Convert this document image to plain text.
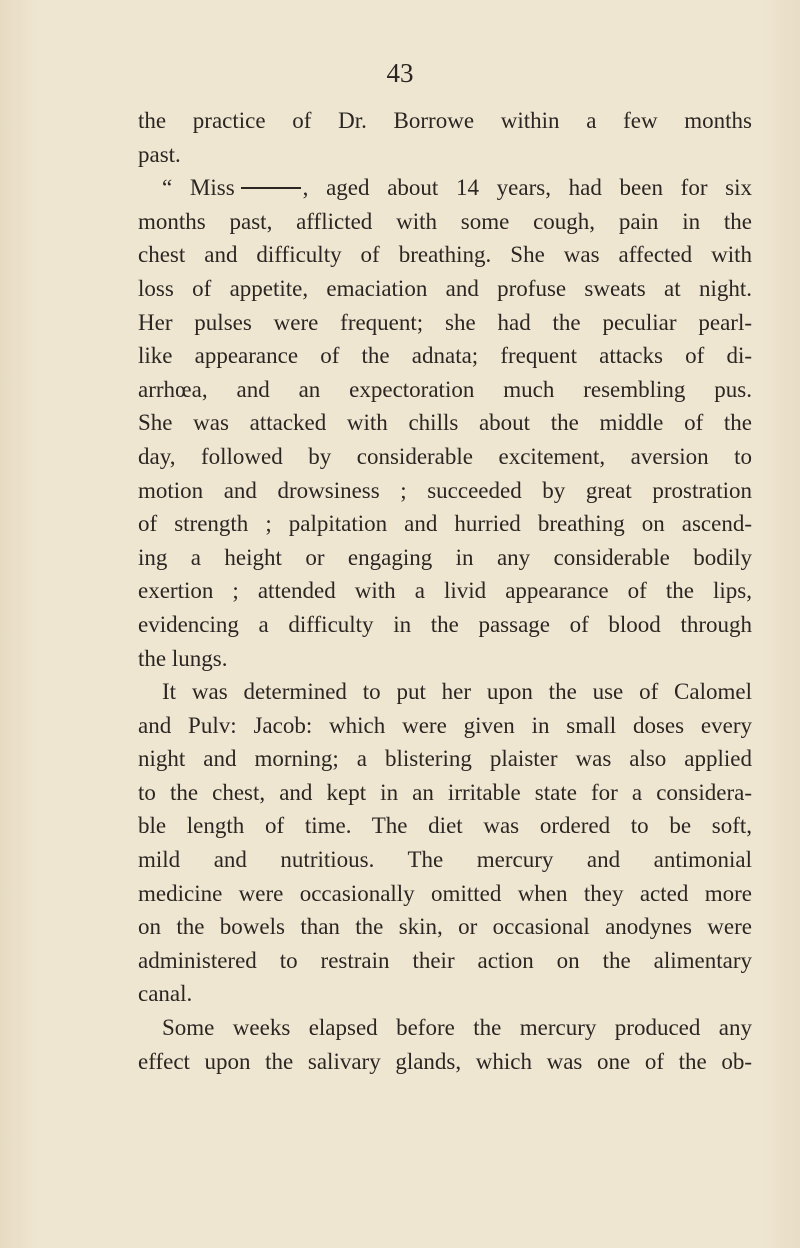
43
the practice of Dr. Borrowe within a few months
past.
“ Miss	, aged about 14 years, had been for six
months past, afflicted with some cough, pain in the
chest and difficulty of breathing. She was affected with
loss of appetite, emaciation and profuse sweats at night.
Her pulses were frequent; she had the peculiar pearl-
like appearance of the adnata; frequent attacks of di-
arrhœa, and an expectoration much resembling pus.
She was attacked with chills about the middle of the
day, followed by considerable excitement, aversion to
motion and drowsiness ; succeeded by great prostration
of strength ; palpitation and hurried breathing on ascend-
ing a height or engaging in any considerable bodily
exertion ; attended with a livid appearance of the lips,
evidencing a difficulty in the passage of blood through
the lungs.
It was determined to put her upon the use of Calomel
and Pulv: Jacob: which were given in small doses every
night and morning; a blistering plaister was also applied
to the chest, and kept in an irritable state for a considera-
ble length of time. The diet was ordered to be soft,
mild and nutritious. The mercury and antimonial
medicine were occasionally omitted when they acted more
on the bowels than the skin, or occasional anodynes were
administered to restrain their action on the alimentary
canal.
Some weeks elapsed before the mercury produced any
effect upon the salivary glands, which was one of the ob-
